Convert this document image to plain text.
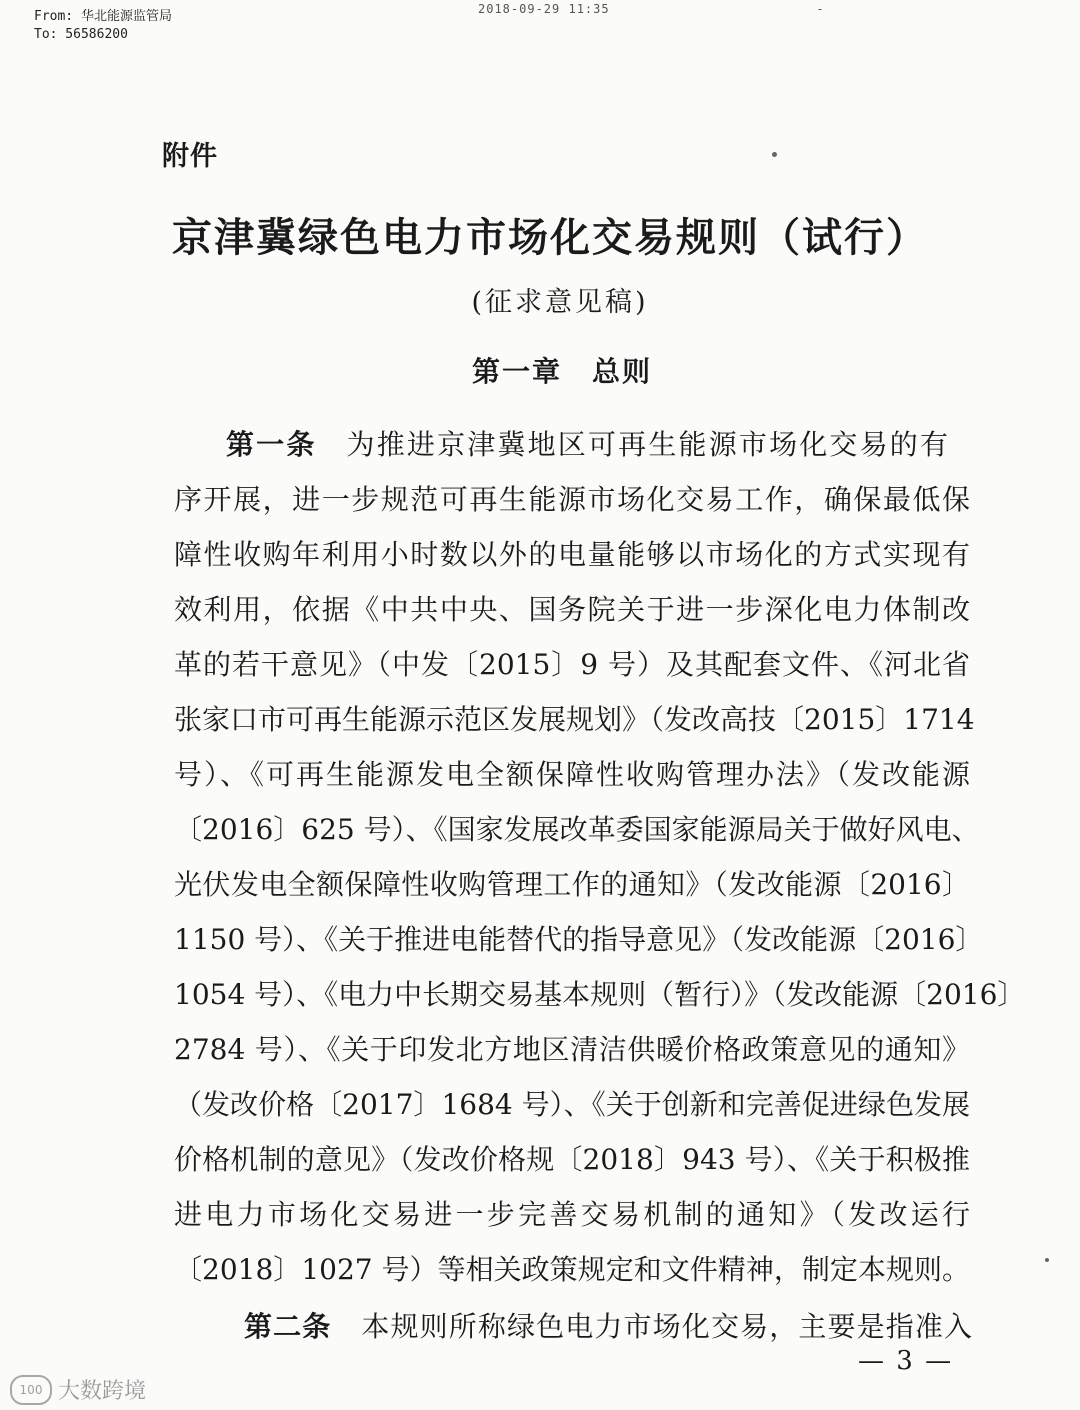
From: 华北能源监管局
To: 56586200
2018-09-29 11:35	-
附件
京津冀绿色电力市场化交易规则（试行）
(征求意见稿)
第一章　总则
第一条 为推进京津冀地区可再生能源市场化交易的有
序开展，进一步规范可再生能源市场化交易工作，确保最低保
障性收购年利用小时数以外的电量能够以市场化的方式实现有
效利用，依据《中共中央、国务院关于进一步深化电力体制改
革的若干意见》（中发〔2015〕9 号）及其配套文件、《河北省
张家口市可再生能源示范区发展规划》（发改高技〔2015〕1714
号）、《可再生能源发电全额保障性收购管理办法》（发改能源
〔2016〕625 号）、《国家发展改革委国家能源局关于做好风电、
光伏发电全额保障性收购管理工作的通知》（发改能源〔2016〕
1150 号）、《关于推进电能替代的指导意见》（发改能源〔2016〕
1054 号）、《电力中长期交易基本规则（暂行）》（发改能源〔2016〕
2784 号）、《关于印发北方地区清洁供暖价格政策意见的通知》
（发改价格〔2017〕1684 号）、《关于创新和完善促进绿色发展
价格机制的意见》（发改价格规〔2018〕943 号）、《关于积极推
进电力市场化交易进一步完善交易机制的通知》（发改运行
〔2018〕1027 号）等相关政策规定和文件精神，制定本规则。
第二条 本规则所称绿色电力市场化交易，主要是指准入
— 3 —
100 大数跨境
